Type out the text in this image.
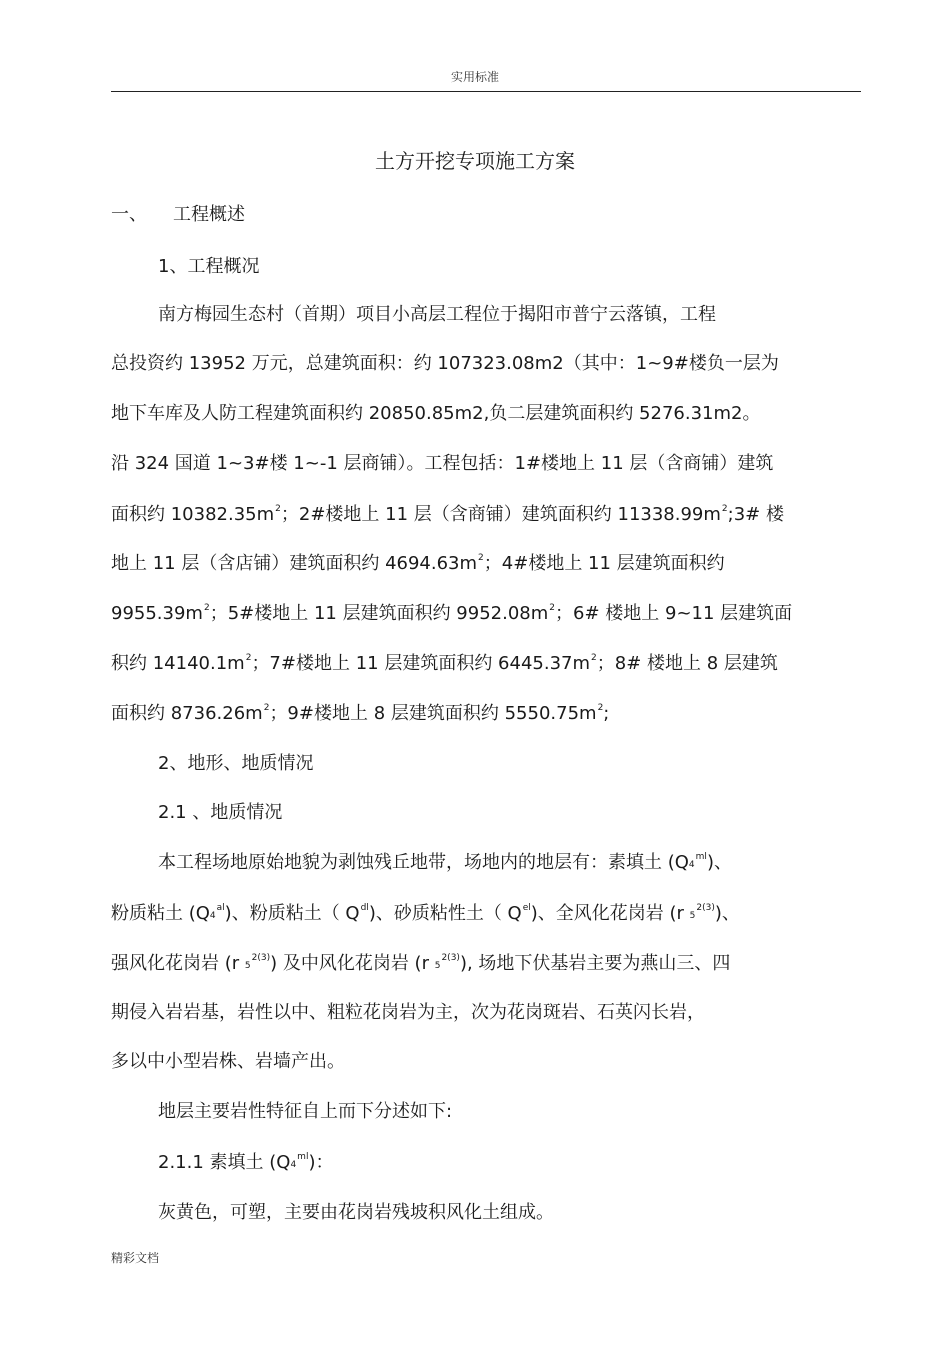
实用标准
土方开挖专项施工方案
一、 工程概述
1、工程概况
南方梅园生态村（首期）项目小高层工程位于揭阳市普宁云落镇，工程
总投资约 13952 万元，总建筑面积：约 107323.08m2（其中：1~9#楼负一层为
地下车库及人防工程建筑面积约 20850.85m2,负二层建筑面积约 5276.31m2。
沿 324 国道 1~3#楼 1~-1 层商铺）。工程包括：1#楼地上 11 层（含商铺）建筑
面积约 $10382.35m^2$；2#楼地上 11 层（含商铺）建筑面积约 $11338.99m^2;3\#$ 楼
地上 11 层（含店铺）建筑面积约 $4694.63m^2$；4#楼地上 11 层建筑面积约
$9955.39m^2$；5#楼地上 11 层建筑面积约 $9952.08m^2$；6# 楼地上 9~11 层建筑面
积约 $14140.1m^2$；7#楼地上 11 层建筑面积约 $6445.37m^2$；8# 楼地上 8 层建筑
面积约 $8736.26m^2$；9#楼地上 8 层建筑面积约 $5550.75m^2$;
2、地形、地质情况
2.1 、地质情况
本工程场地原始地貌为剥蚀残丘地带，场地内的地层有：素填土 $(Q_4^{ml})$、
粉质粘土 $(Q_4^{al})$、粉质粘土（ $Q^{dl}$)、砂质粘性土（ $Q^{el}$)、全风化花岗岩 (r $_5^{2(3)}$)、
强风化花岗岩 (r $_5^{2(3)}$) 及中风化花岗岩 (r $_5^{2(3)}$), 场地下伏基岩主要为燕山三、四
期侵入岩岩基，岩性以中、粗粒花岗岩为主，次为花岗斑岩、石英闪长岩，
多以中小型岩株、岩墙产出。
地层主要岩性特征自上而下分述如下:
2.1.1 素填土 $(Q_4^{ml})$：
灰黄色，可塑，主要由花岗岩残坡积风化土组成。
精彩文档
